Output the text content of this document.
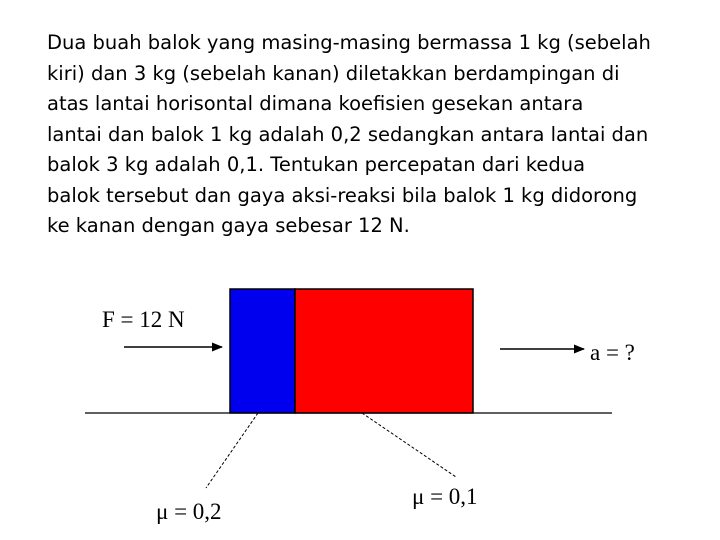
Dua buah balok yang masing-masing bermassa 1 kg (sebelah
kiri) dan 3 kg (sebelah kanan) diletakkan berdampingan di
atas lantai horisontal dimana koefisien gesekan antara
lantai dan balok 1 kg adalah 0,2 sedangkan antara lantai dan
balok 3 kg adalah 0,1. Tentukan percepatan dari kedua
balok tersebut dan gaya aksi-reaksi bila balok 1 kg didorong
ke kanan dengan gaya sebesar 12 N.

F = 12 N
a = ?
μ = 0,2
μ = 0,1
